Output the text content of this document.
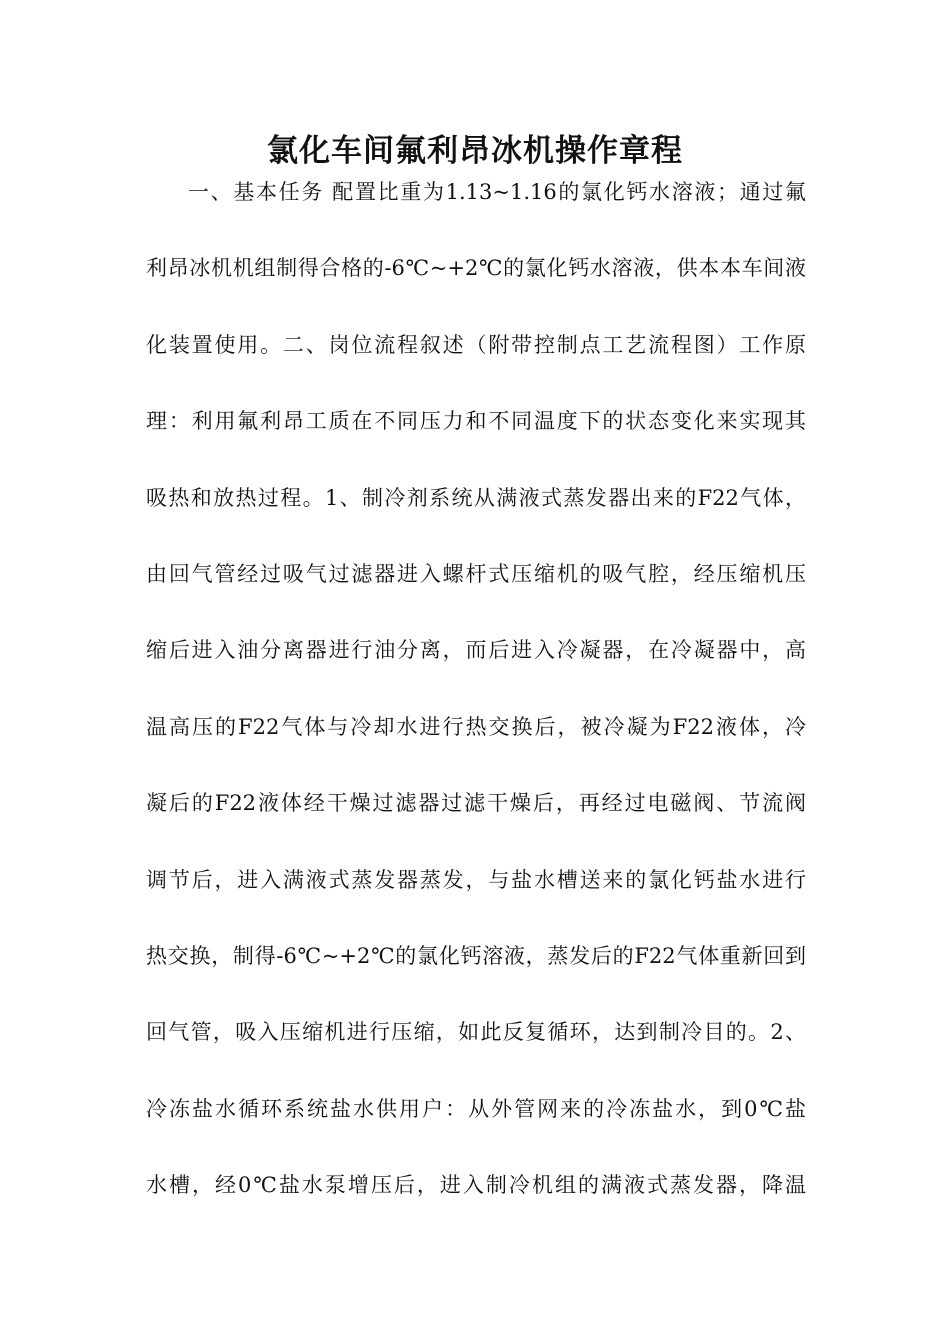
氯化车间氟利昂冰机操作章程
一、基本任务 配置比重为1.13~1.16的氯化钙水溶液；通过氟
利昂冰机机组制得合格的-6℃~+2℃的氯化钙水溶液，供本本车间液
化装置使用。二、岗位流程叙述（附带控制点工艺流程图）工作原
理：利用氟利昂工质在不同压力和不同温度下的状态变化来实现其
吸热和放热过程。1、制冷剂系统从满液式蒸发器出来的F22气体，
由回气管经过吸气过滤器进入螺杆式压缩机的吸气腔，经压缩机压
缩后进入油分离器进行油分离，而后进入冷凝器，在冷凝器中，高
温高压的F22气体与冷却水进行热交换后，被冷凝为F22液体，冷
凝后的F22液体经干燥过滤器过滤干燥后，再经过电磁阀、节流阀
调节后，进入满液式蒸发器蒸发，与盐水槽送来的氯化钙盐水进行
热交换，制得-6℃~+2℃的氯化钙溶液，蒸发后的F22气体重新回到
回气管，吸入压缩机进行压缩，如此反复循环，达到制冷目的。2、
冷冻盐水循环系统盐水供用户：从外管网来的冷冻盐水，到0℃盐
水槽，经0℃盐水泵增压后，进入制冷机组的满液式蒸发器，降温
